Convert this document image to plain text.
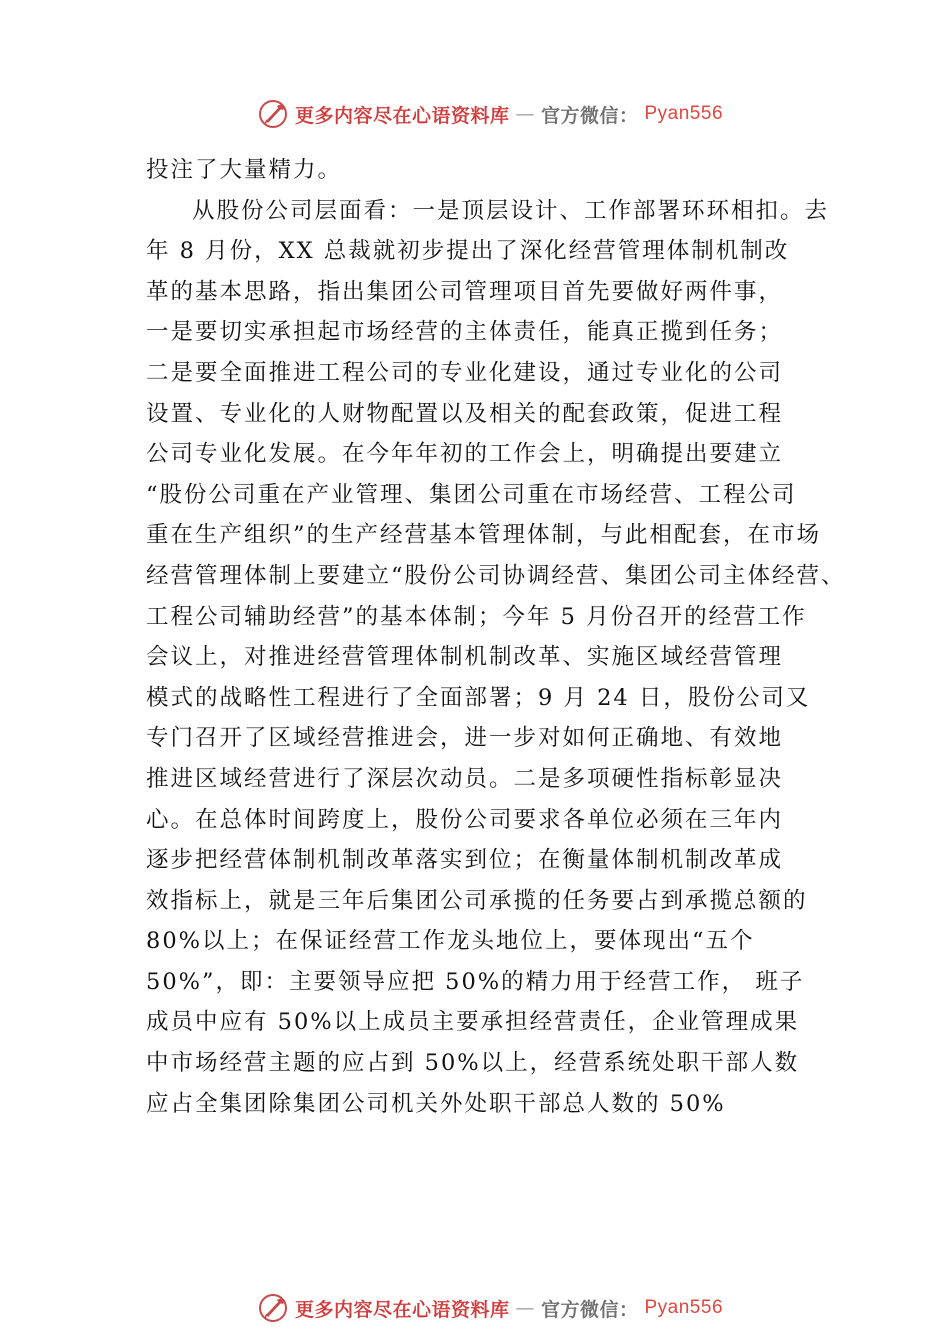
更多内容尽在心语资料库 — 官方微信： Pyan556
投注了大量精力。
从股份公司层面看：一是顶层设计、工作部署环环相扣。去
年 8 月份，XX 总裁就初步提出了深化经营管理体制机制改
革的基本思路，指出集团公司管理项目首先要做好两件事，
一是要切实承担起市场经营的主体责任，能真正揽到任务；
二是要全面推进工程公司的专业化建设，通过专业化的公司
设置、专业化的人财物配置以及相关的配套政策，促进工程
公司专业化发展。在今年年初的工作会上，明确提出要建立
“股份公司重在产业管理、集团公司重在市场经营、工程公司
重在生产组织”的生产经营基本管理体制，与此相配套，在市场
经营管理体制上要建立“股份公司协调经营、集团公司主体经营、
工程公司辅助经营”的基本体制；今年 5 月份召开的经营工作
会议上，对推进经营管理体制机制改革、实施区域经营管理
模式的战略性工程进行了全面部署；9 月 24 日，股份公司又
专门召开了区域经营推进会，进一步对如何正确地、有效地
推进区域经营进行了深层次动员。二是多项硬性指标彰显决
心。在总体时间跨度上，股份公司要求各单位必须在三年内
逐步把经营体制机制改革落实到位；在衡量体制机制改革成
效指标上，就是三年后集团公司承揽的任务要占到承揽总额的
80%以上；在保证经营工作龙头地位上，要体现出“五个
50%”，即：主要领导应把 50%的精力用于经营工作， 班子
成员中应有 50%以上成员主要承担经营责任，企业管理成果
中市场经营主题的应占到 50%以上，经营系统处职干部人数
应占全集团除集团公司机关外处职干部总人数的 50%
更多内容尽在心语资料库 — 官方微信： Pyan556
